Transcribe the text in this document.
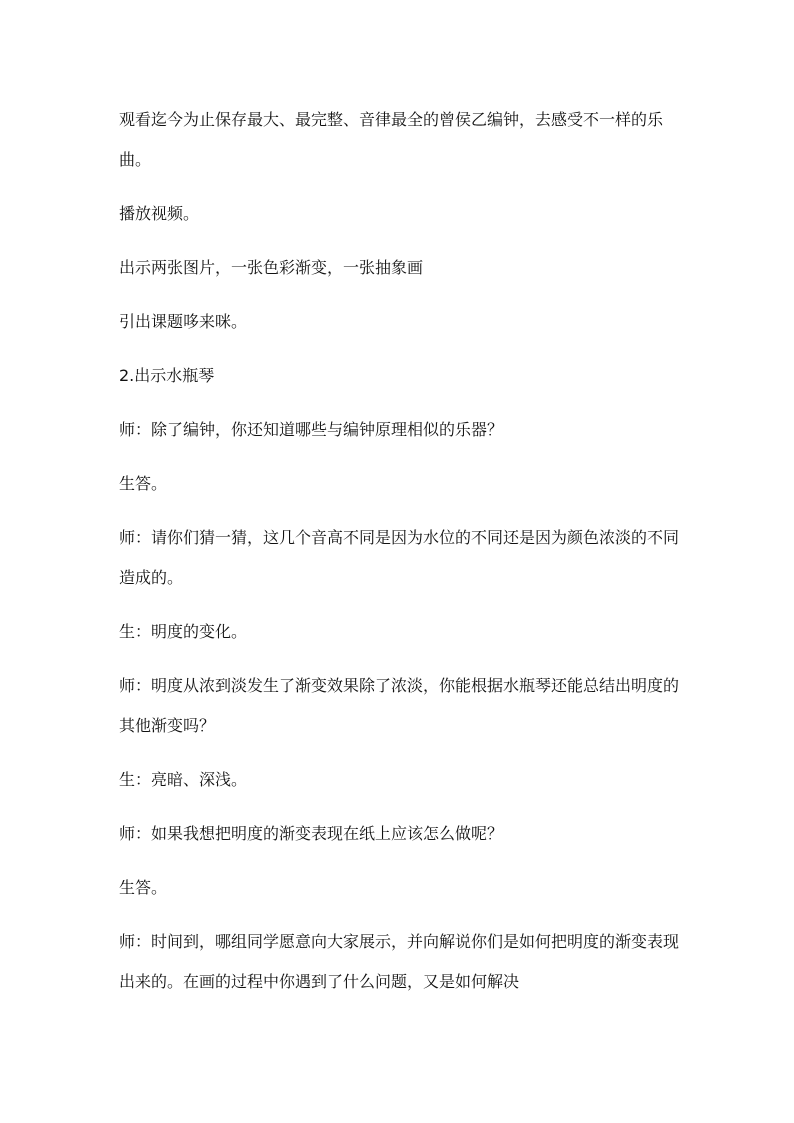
观看迄今为止保存最大、最完整、音律最全的曾侯乙编钟，去感受不一样的乐曲。

播放视频。

出示两张图片，一张色彩渐变，一张抽象画

引出课题哆来咪。

2.出示水瓶琴

师：除了编钟，你还知道哪些与编钟原理相似的乐器？

生答。

师：请你们猜一猜，这几个音高不同是因为水位的不同还是因为颜色浓淡的不同造成的。

生：明度的变化。

师：明度从浓到淡发生了渐变效果除了浓淡，你能根据水瓶琴还能总结出明度的其他渐变吗？

生：亮暗、深浅。

师：如果我想把明度的渐变表现在纸上应该怎么做呢？

生答。

师：时间到，哪组同学愿意向大家展示，并向解说你们是如何把明度的渐变表现出来的。在画的过程中你遇到了什么问题，又是如何解决
